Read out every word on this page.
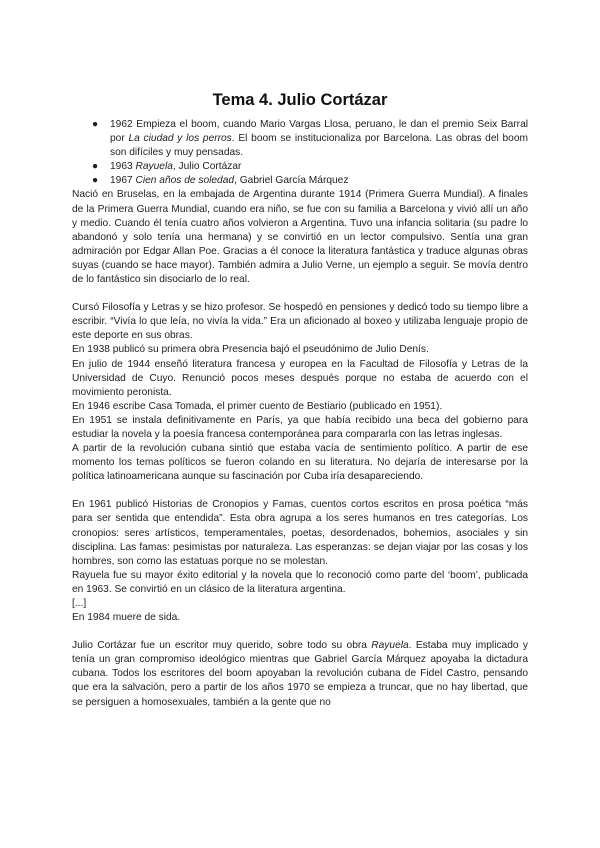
Tema 4. Julio Cortázar
● 1962 Empieza el boom, cuando Mario Vargas Llosa, peruano, le dan el premio Seix Barral por La ciudad y los perros. El boom se institucionaliza por Barcelona. Las obras del boom son difíciles y muy pensadas.
● 1963 Rayuela, Julio Cortázar
● 1967 Cien años de soledad, Gabriel García Márquez

Nació en Bruselas, en la embajada de Argentina durante 1914 (Primera Guerra Mundial). A finales de la Primera Guerra Mundial, cuando era niño, se fue con su familia a Barcelona y vivió allí un año y medio. Cuando él tenía cuatro años volvieron a Argentina. Tuvo una infancia solitaria (su padre lo abandonó y solo tenía una hermana) y se convirtió en un lector compulsivo. Sentía una gran admiración por Edgar Allan Poe. Gracias a él conoce la literatura fantástica y traduce algunas obras suyas (cuando se hace mayor). También admira a Julio Verne, un ejemplo a seguir. Se movía dentro de lo fantástico sin disociarlo de lo real.

Cursó Filosofía y Letras y se hizo profesor. Se hospedó en pensiones y dedicó todo su tiempo libre a escribir. “Vivía lo que leía, no vivía la vida.” Era un aficionado al boxeo y utilizaba lenguaje propio de este deporte en sus obras.

En 1938 publicó su primera obra Presencia bajó el pseudónimo de Julio Denís.

En julio de 1944 enseñó literatura francesa y europea en la Facultad de Filosofía y Letras de la Universidad de Cuyo. Renunció pocos meses después porque no estaba de acuerdo con el movimiento peronista.

En 1946 escribe Casa Tomada, el primer cuento de Bestiario (publicado en 1951).

En 1951 se instala definitivamente en París, ya que había recibido una beca del gobierno para estudiar la novela y la poesía francesa contemporánea para compararla con las letras inglesas.

A partir de la revolución cubana sintió que estaba vacía de sentimiento político. A partir de ese momento los temas políticos se fueron colando en su literatura. No dejaría de interesarse por la política latinoamericana aunque su fascinación por Cuba iría desapareciendo.

En 1961 publicó Historias de Cronopios y Famas, cuentos cortos escritos en prosa poética “más para ser sentida que entendida”. Esta obra agrupa a los seres humanos en tres categorías. Los cronopios: seres artísticos, temperamentales, poetas, desordenados, bohemios, asociales y sin disciplina. Las famas: pesimistas por naturaleza. Las esperanzas: se dejan viajar por las cosas y los hombres, son como las estatuas porque no se molestan.

Rayuela fue su mayor éxito editorial y la novela que lo reconoció como parte del ‘boom’, publicada en 1963. Se convirtió en un clásico de la literatura argentina.

[...]

En 1984 muere de sida.

Julio Cortázar fue un escritor muy querido, sobre todo su obra Rayuela. Estaba muy implicado y tenía un gran compromiso ideológico mientras que Gabriel García Márquez apoyaba la dictadura cubana. Todos los escritores del boom apoyaban la revolución cubana de Fidel Castro, pensando que era la salvación, pero a partir de los años 1970 se empieza a truncar, que no hay libertad, que se persiguen a homosexuales, también a la gente que no
